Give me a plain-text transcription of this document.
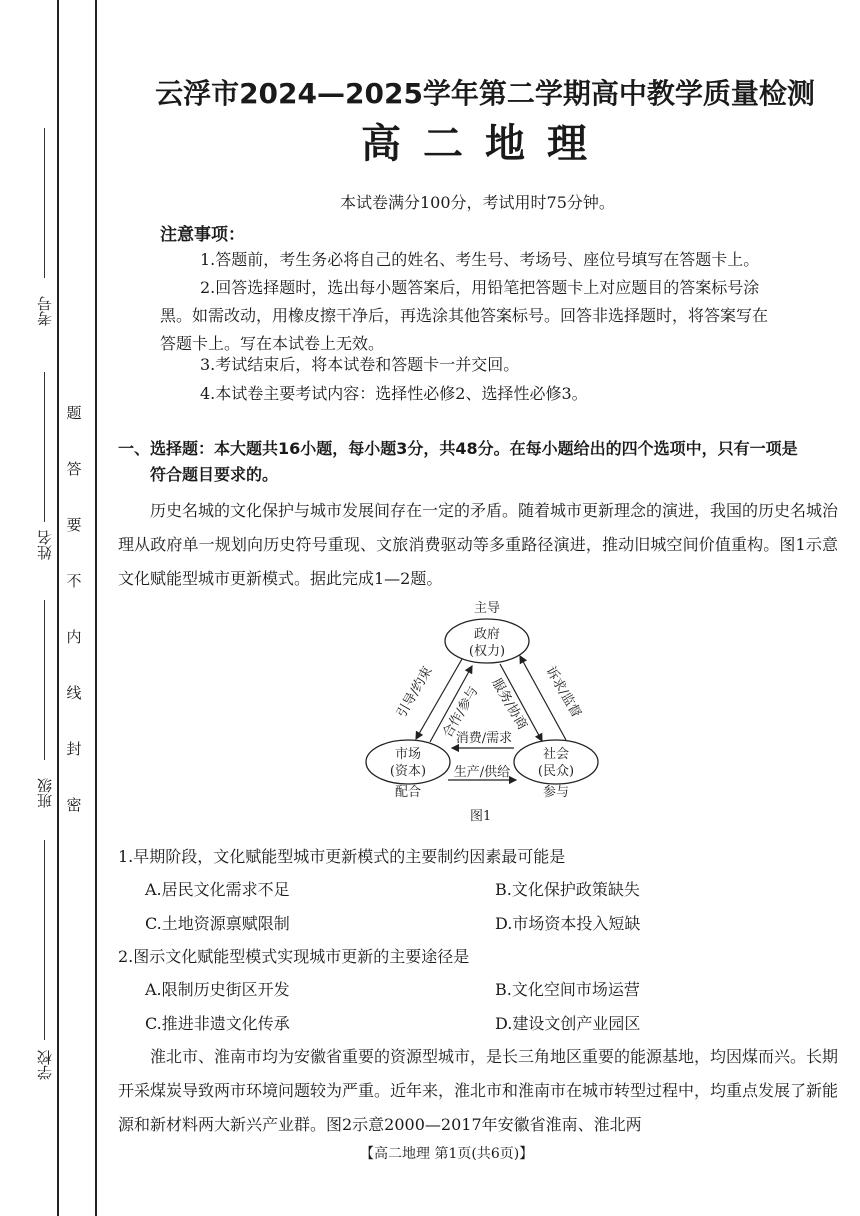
考号
姓名
班级
学校
题
答
要
不
内
线
封
密
云浮市2024—2025学年第二学期高中教学质量检测
高二地理
本试卷满分100分，考试用时75分钟。
注意事项：
1.答题前，考生务必将自己的姓名、考生号、考场号、座位号填写在答题卡上。
2.回答选择题时，选出每小题答案后，用铅笔把答题卡上对应题目的答案标号涂
黑。如需改动，用橡皮擦干净后，再选涂其他答案标号。回答非选择题时，将答案写在
答题卡上。写在本试卷上无效。
3.考试结束后，将本试卷和答题卡一并交回。
4.本试卷主要考试内容：选择性必修2、选择性必修3。
一、选择题：本大题共16小题，每小题3分，共48分。在每小题给出的四个选项中，只有一项是
符合题目要求的。
历史名城的文化保护与城市发展间存在一定的矛盾。随着城市更新理念的演进，我国的历史名城治理从政府单一规划向历史符号重现、文旅消费驱动等多重路径演进，推动旧城空间价值重构。图1示意文化赋能型城市更新模式。据此完成1—2题。
主导
政府
(权力)
市场
(资本)
配合
社会
(民众)
参与
引导/约束 合作/参与 服务/协商 诉求/监督
消费/需求
生产/供给
图1
1.早期阶段，文化赋能型城市更新模式的主要制约因素最可能是
A.居民文化需求不足	B.文化保护政策缺失
C.土地资源禀赋限制	D.市场资本投入短缺
2.图示文化赋能型模式实现城市更新的主要途径是
A.限制历史街区开发	B.文化空间市场运营
C.推进非遗文化传承	D.建设文创产业园区
淮北市、淮南市均为安徽省重要的资源型城市，是长三角地区重要的能源基地，均因煤而兴。长期开采煤炭导致两市环境问题较为严重。近年来，淮北市和淮南市在城市转型过程中，均重点发展了新能源和新材料两大新兴产业群。图2示意2000—2017年安徽省淮南、淮北两
【高二地理 第1页(共6页)】
